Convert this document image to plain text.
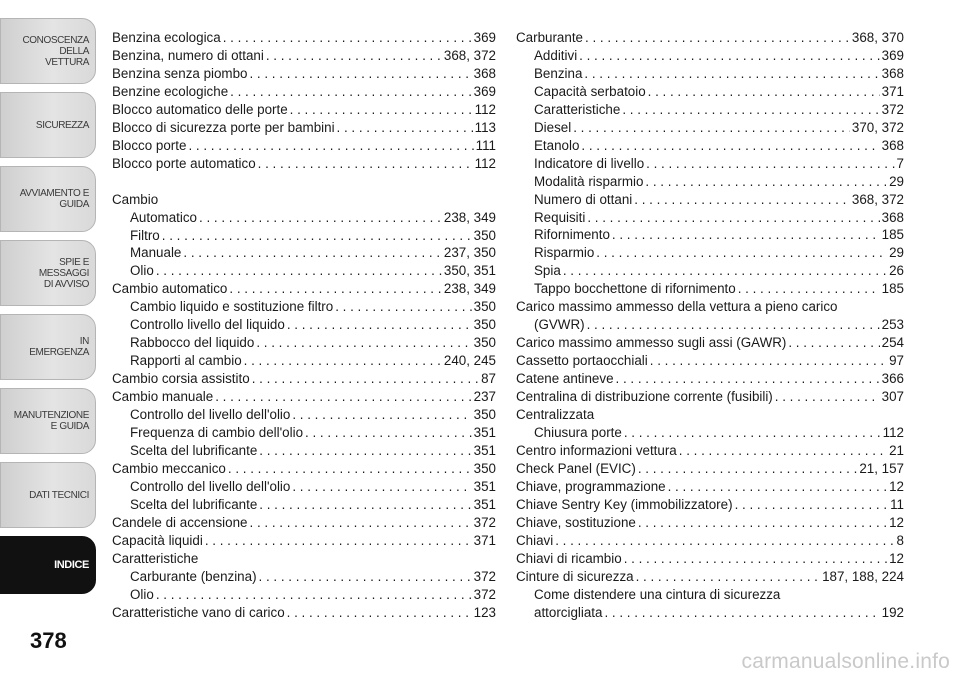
CONOSCENZA DELLA
VETTURA
SICUREZZA
AVVIAMENTO E
GUIDA
SPIE E
MESSAGGI
DI AVVISO
IN
EMERGENZA
MANUTENZIONE
E GUIDA
DATI TECNICI
INDICE
Benzina ecologica . . .	369
Benzina, numero di ottani . . .	368, 372
Benzina senza piombo . . .	368
Benzine ecologiche . . .	369
Blocco automatico delle porte . . .	112
Blocco di sicurezza porte per bambini . . .	113
Blocco porte . . .	111
Blocco porte automatico . . .	112
Cambio
Automatico . . .	238, 349
Filtro . . .	350
Manuale . . .	237, 350
Olio . . .	350, 351
Cambio automatico . . .	238, 349
Cambio liquido e sostituzione filtro . . .	350
Controllo livello del liquido . . .	350
Rabbocco del liquido . . .	350
Rapporti al cambio . . .	240, 245
Cambio corsia assistito . . .	87
Cambio manuale . . .	237
Controllo del livello dell'olio . . .	350
Frequenza di cambio dell'olio . . .	351
Scelta del lubrificante . . .	351
Cambio meccanico . . .	350
Controllo del livello dell'olio . . .	351
Scelta del lubrificante . . .	351
Candele di accensione . . .	372
Capacità liquidi . . .	371
Caratteristiche
Carburante (benzina) . . .	372
Olio . . .	372
Caratteristiche vano di carico . . .	123
Carburante . . .	368, 370
Additivi . . .	369
Benzina . . .	368
Capacità serbatoio . . .	371
Caratteristiche . . .	372
Diesel . . .	370, 372
Etanolo . . .	368
Indicatore di livello . . .	7
Modalità risparmio . . .	29
Numero di ottani . . .	368, 372
Requisiti . . .	368
Rifornimento . . .	185
Risparmio . . .	29
Spia . . .	26
Tappo bocchettone di rifornimento . . .	185
Carico massimo ammesso della vettura a pieno carico
(GVWR) . . .	253
Carico massimo ammesso sugli assi (GAWR) . . .	254
Cassetto portaocchiali . . .	97
Catene antineve . . .	366
Centralina di distribuzione corrente (fusibili) . . .	307
Centralizzata
Chiusura porte . . .	112
Centro informazioni vettura . . .	21
Check Panel (EVIC) . . .	21, 157
Chiave, programmazione . . .	12
Chiave Sentry Key (immobilizzatore) . . .	11
Chiave, sostituzione . . .	12
Chiavi . . .	8
Chiavi di ricambio . . .	12
Cinture di sicurezza . . .	187, 188, 224
Come distendere una cintura di sicurezza
attorcigliata . . .	192
378
carmanualsonline.info
